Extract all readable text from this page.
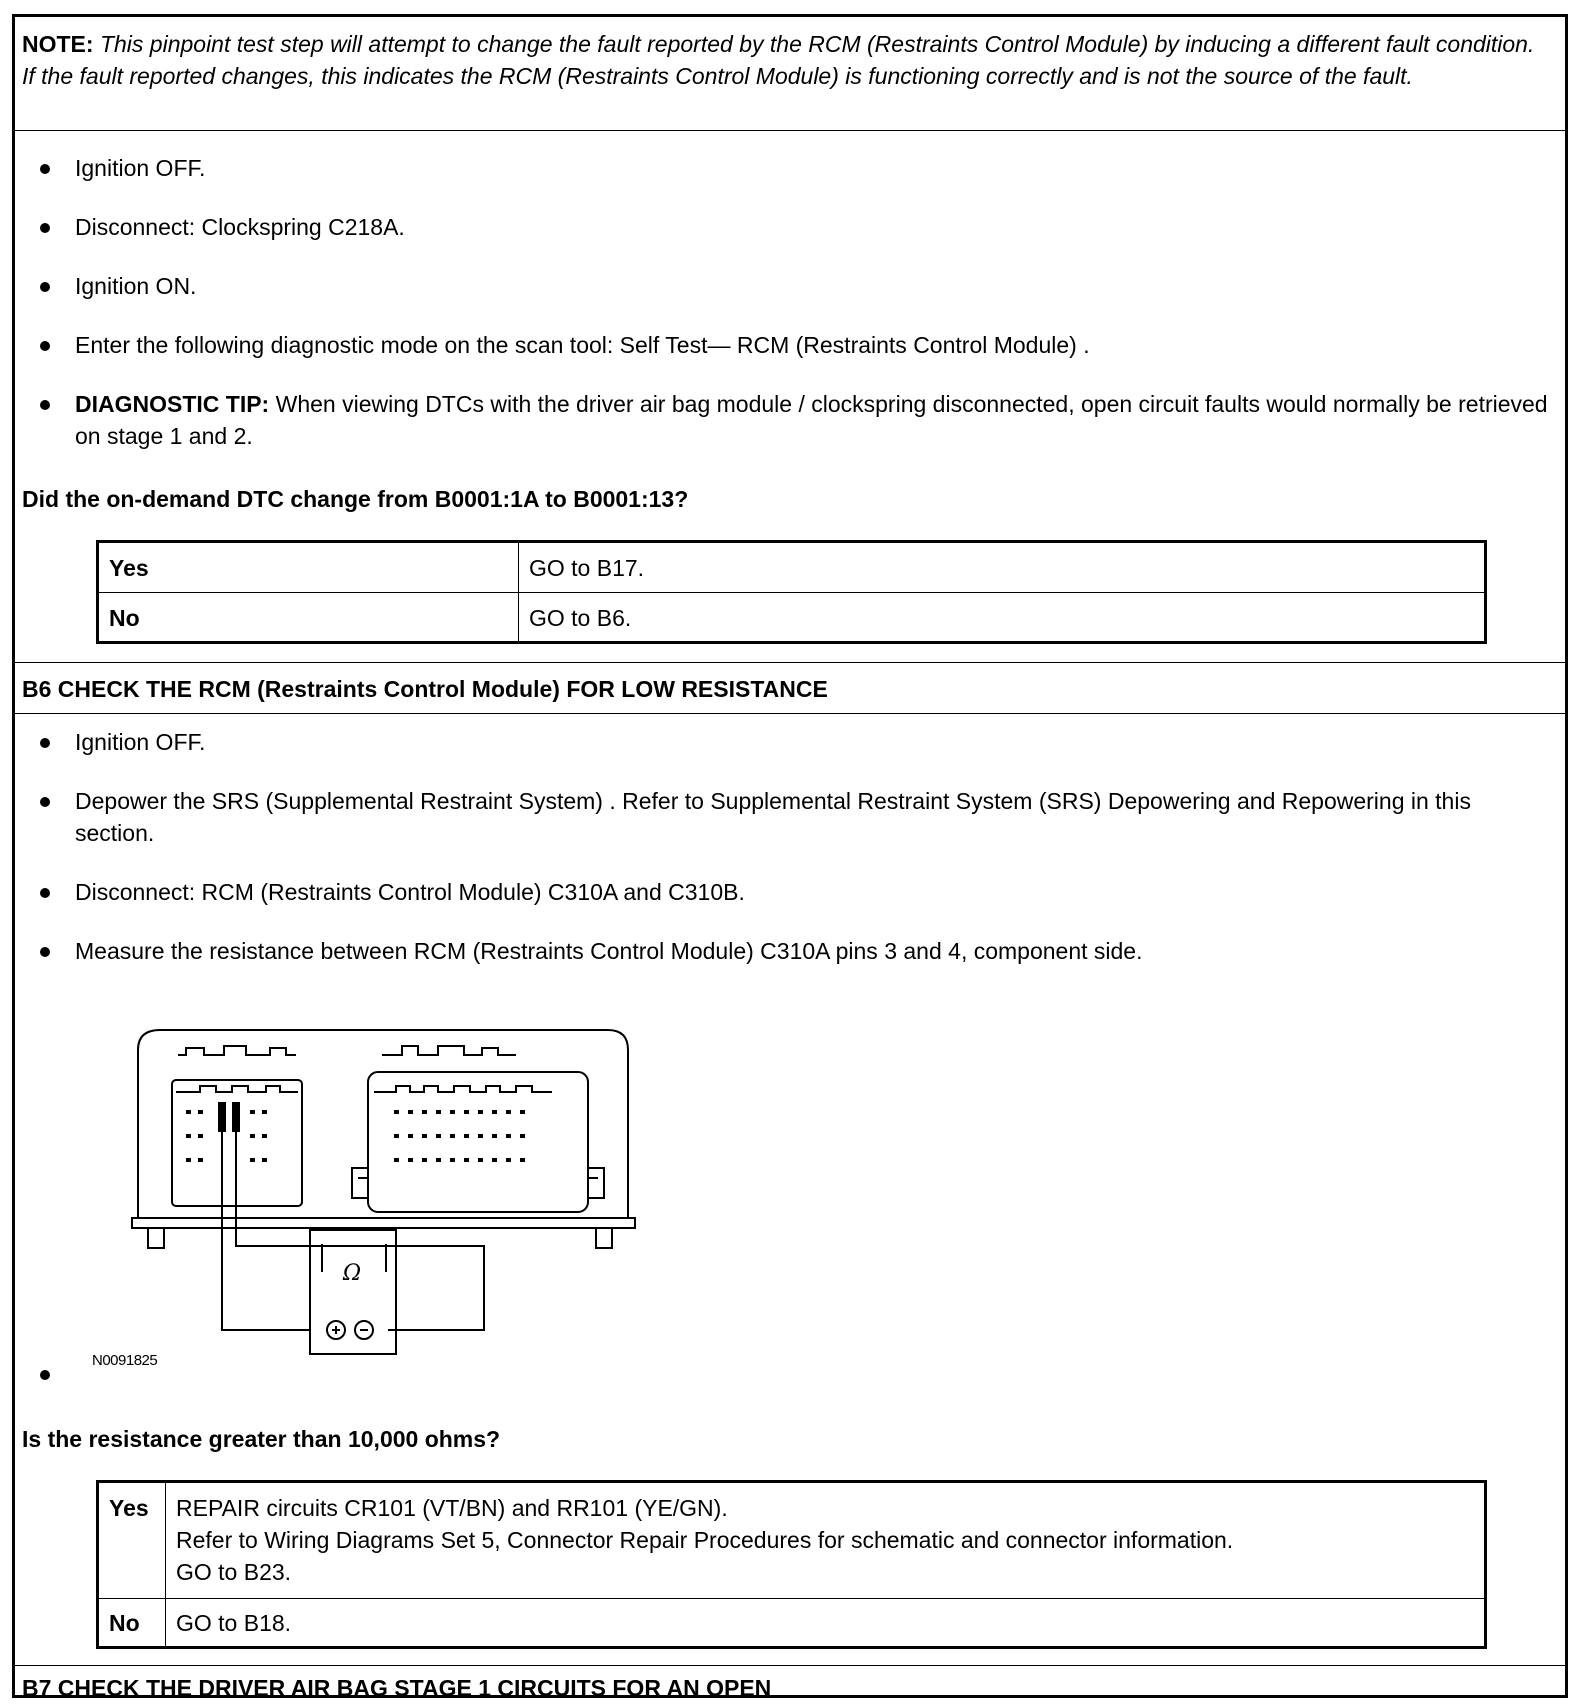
NOTE: This pinpoint test step will attempt to change the fault reported by the RCM (Restraints Control Module) by inducing a different fault condition. If the fault reported changes, this indicates the RCM (Restraints Control Module) is functioning correctly and is not the source of the fault.
Ignition OFF.
Disconnect: Clockspring C218A.
Ignition ON.
Enter the following diagnostic mode on the scan tool: Self Test— RCM (Restraints Control Module) .
DIAGNOSTIC TIP: When viewing DTCs with the driver air bag module / clockspring disconnected, open circuit faults would normally be retrieved on stage 1 and 2.
Did the on-demand DTC change from B0001:1A to B0001:13?
Yes	GO to B17.
No	GO to B6.
B6 CHECK THE RCM (Restraints Control Module) FOR LOW RESISTANCE
Ignition OFF.
Depower the SRS (Supplemental Restraint System) . Refer to Supplemental Restraint System (SRS) Depowering and Repowering in this section.
Disconnect: RCM (Restraints Control Module) C310A and C310B.
Measure the resistance between RCM (Restraints Control Module) C310A pins 3 and 4, component side.
Ω
N0091825
Is the resistance greater than 10,000 ohms?
Yes	REPAIR circuits CR101 (VT/BN) and RR101 (YE/GN).
Refer to Wiring Diagrams Set 5, Connector Repair Procedures for schematic and connector information.
GO to B23.

No	GO to B18.
B7 CHECK THE DRIVER AIR BAG STAGE 1 CIRCUITS FOR AN OPEN
